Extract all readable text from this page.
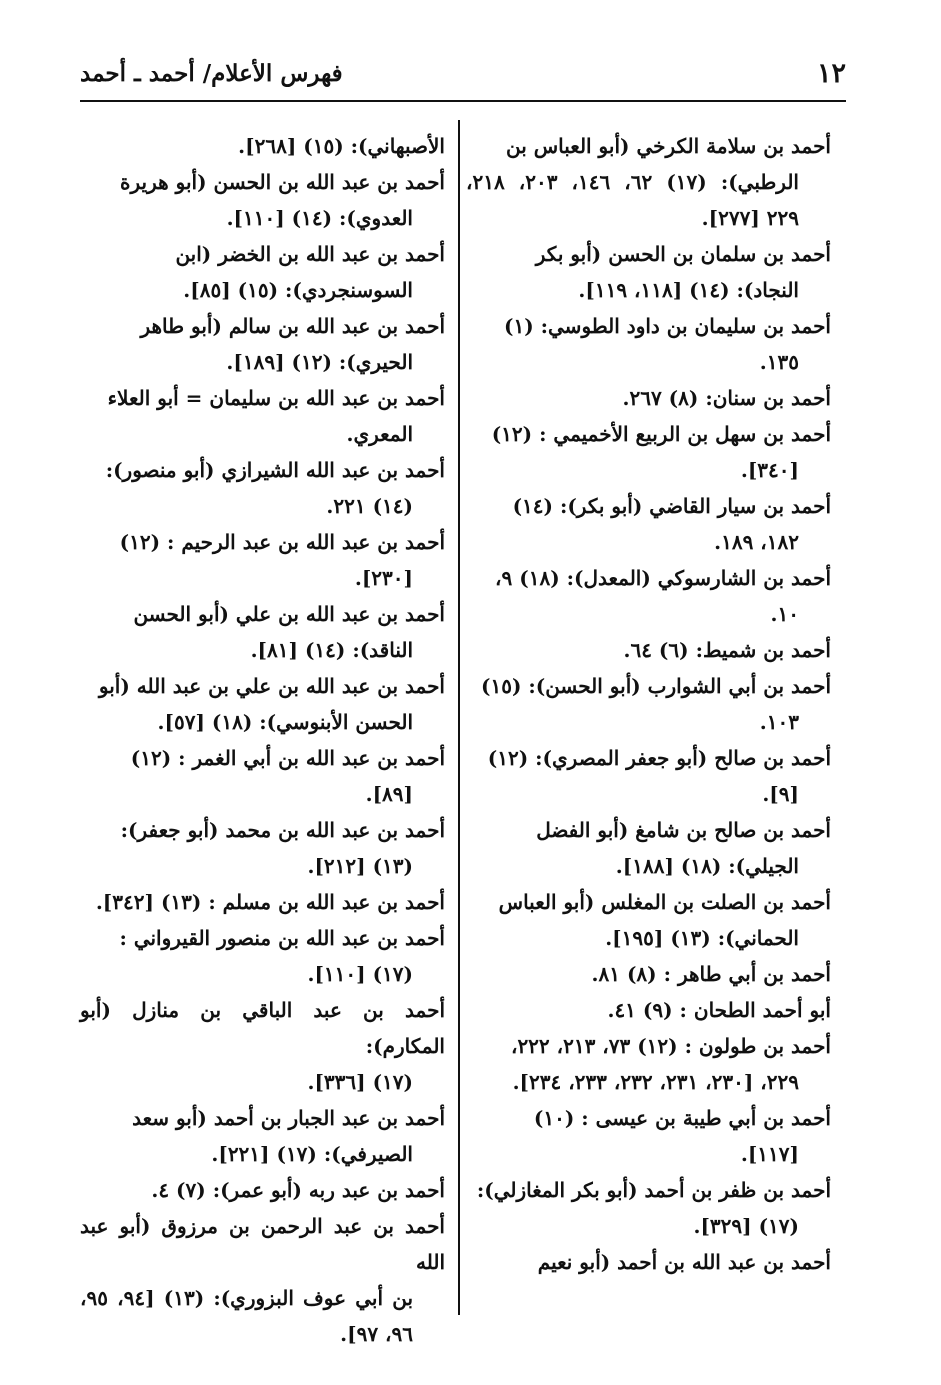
١٢
فهرس الأعلام/ أحمد ـ أحمد

أحمد بن سلامة الكرخي (أبو العباس بن
الرطبي): (١٧) ٦٢، ١٤٦، ٢٠٣، ٢١٨، ٢٢٩ [٢٧٧].

أحمد بن سلمان بن الحسن (أبو بكر
النجاد): (١٤) [١١٨، ١١٩].

أحمد بن سليمان بن داود الطوسي: (١)
١٣٥.

أحمد بن سنان: (٨) ٢٦٧.

أحمد بن سهل بن الربيع الأخميمي : (١٢)
[٣٤٠].

أحمد بن سيار القاضي (أبو بكر): (١٤)
١٨٢، ١٨٩.

أحمد بن الشارسوكي (المعدل): (١٨) ٩،
١٠.

أحمد بن شميط: (٦) ٦٤.

أحمد بن أبي الشوارب (أبو الحسن): (١٥)
١٠٣.

أحمد بن صالح (أبو جعفر المصري): (١٢)
[٩].

أحمد بن صالح بن شامغ (أبو الفضل
الجيلي): (١٨) [١٨٨].

أحمد بن الصلت بن المغلس (أبو العباس
الحماني): (١٣) [١٩٥].

أحمد بن أبي طاهر : (٨) ٨١.

أبو أحمد الطحان : (٩) ٤١.

أحمد بن طولون : (١٢) ٧٣، ٢١٣، ٢٢٢،
٢٢٩، [٢٣٠، ٢٣١، ٢٣٢، ٢٣٣، ٢٣٤].

أحمد بن أبي طيبة بن عيسى : (١٠)
[١١٧].

أحمد بن ظفر بن أحمد (أبو بكر المغازلي):
(١٧) [٣٢٩].

أحمد بن عبد الله بن أحمد (أبو نعيم

الأصبهاني): (١٥) [٢٦٨].

أحمد بن عبد الله بن الحسن (أبو هريرة
العدوي): (١٤) [١١٠].

أحمد بن عبد الله بن الخضر (ابن
السوسنجردي): (١٥) [٨٥].

أحمد بن عبد الله بن سالم (أبو طاهر
الحيري): (١٢) [١٨٩].

أحمد بن عبد الله بن سليمان = أبو العلاء
المعري.

أحمد بن عبد الله الشيرازي (أبو منصور):
(١٤) ٢٢١.

أحمد بن عبد الله بن عبد الرحيم : (١٢)
[٢٣٠].

أحمد بن عبد الله بن علي (أبو الحسن
الناقد): (١٤) [٨١].

أحمد بن عبد الله بن علي بن عبد الله (أبو
الحسن الأبنوسي): (١٨) [٥٧].

أحمد بن عبد الله بن أبي الغمر : (١٢)
[٨٩].

أحمد بن عبد الله بن محمد (أبو جعفر):
(١٣) [٢١٢].

أحمد بن عبد الله بن مسلم : (١٣) [٣٤٢].

أحمد بن عبد الله بن منصور القيرواني :
(١٧) [١١٠].

أحمد بن عبد الباقي بن منازل (أبو المكارم):
(١٧) [٣٣٦].

أحمد بن عبد الجبار بن أحمد (أبو سعد
الصيرفي): (١٧) [٢٢١].

أحمد بن عبد ربه (أبو عمر): (٧) ٤.

أحمد بن عبد الرحمن بن مرزوق (أبو عبد الله
بن أبي عوف البزوري): (١٣) [٩٤، ٩٥، ٩٦، ٩٧].
